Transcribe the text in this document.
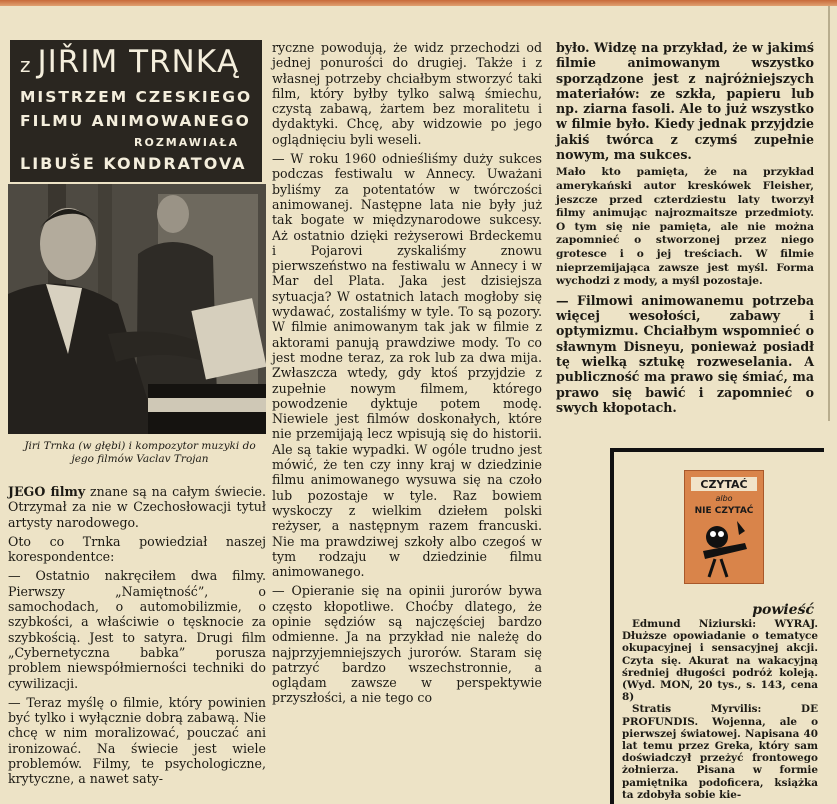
z JIŘIM TRNKĄ
MISTRZEM CZESKIEGO
FILMU ANIMOWANEGO
ROZMAWIAŁA
LIBUŠE KONDRATOVA
Jiri Trnka (w głębi) i kompozytor muzyki do jego filmów Vaclav Trojan

JEGO filmy znane są na całym świecie. Otrzymał za nie w Czechosłowacji tytuł artysty narodowego.

Oto co Trnka powiedział naszej korespondentce:

— Ostatnio nakręciłem dwa filmy. Pierwszy „Namiętność”, o samochodach, o automobilizmie, o szybkości, a właściwie o tęsknocie za szybkością. Jest to satyra. Drugi film „Cybernetyczna babka” porusza problem niewspółmierności techniki do cywilizacji.

— Teraz myślę o filmie, który powinien być tylko i wyłącznie dobrą zabawą. Nie chcę w nim moralizować, pouczać ani ironizować. Na świecie jest wiele problemów. Filmy, te psychologiczne, krytyczne, a nawet saty-

ryczne powodują, że widz przechodzi od jednej ponurości do drugiej. Także i z własnej potrzeby chciałbym stworzyć taki film, który byłby tylko salwą śmiechu, czystą zabawą, żartem bez moralitetu i dydaktyki. Chcę, aby widzowie po jego oglądnięciu byli weseli.

— W roku 1960 odnieśliśmy duży sukces podczas festiwalu w Annecy. Uważani byliśmy za potentatów w twórczości animowanej. Następne lata nie były już tak bogate w międzynarodowe sukcesy. Aż ostatnio dzięki reżyserowi Brdeckemu i Pojarovi zyskaliśmy znowu pierwszeństwo na festiwalu w Annecy i w Mar del Plata. Jaka jest dzisiejsza sytuacja? W ostatnich latach mogłoby się wydawać, zostaliśmy w tyle. To są pozory. W filmie animowanym tak jak w filmie z aktorami panują prawdziwe mody. To co jest modne teraz, za rok lub za dwa mija. Zwłaszcza wtedy, gdy ktoś przyjdzie z zupełnie nowym filmem, którego powodzenie dyktuje potem modę. Niewiele jest filmów doskonałych, które nie przemijają lecz wpisują się do historii. Ale są takie wypadki. W ogóle trudno jest mówić, że ten czy inny kraj w dziedzinie filmu animowanego wysuwa się na czoło lub pozostaje w tyle. Raz bowiem wyskoczy z wielkim dziełem polski reżyser, a następnym razem francuski. Nie ma prawdziwej szkoły albo czegoś w tym rodzaju w dziedzinie filmu animowanego.

— Opieranie się na opinii jurorów bywa często kłopotliwe. Choćby dlatego, że opinie sędziów są najczęściej bardzo odmienne. Ja na przykład nie należę do najprzyjemniejszych jurorów. Staram się patrzyć bardzo wszechstronnie, a oglądam zawsze w perspektywie przyszłości, a nie tego co

było. Widzę na przykład, że w jakimś filmie animowanym wszystko sporządzone jest z najróżniejszych materiałów: ze szkła, papieru lub np. ziarna fasoli. Ale to już wszystko w filmie było. Kiedy jednak przyjdzie jakiś twórca z czymś zupełnie nowym, ma sukces.

Mało kto pamięta, że na przykład amerykański autor kreskówek Fleisher, jeszcze przed czterdziestu laty tworzył filmy animując najrozmaitsze przedmioty. O tym się nie pamięta, ale nie można zapomnieć o stworzonej przez niego grotesce i o jej treściach. W filmie nieprzemijająca zawsze jest myśl. Forma wychodzi z mody, a myśl pozostaje.

— Filmowi animowanemu potrzeba więcej wesołości, zabawy i optymizmu. Chciałbym wspomnieć o sławnym Disneyu, ponieważ posiadł tę wielką sztukę rozweselania. A publiczność ma prawo się śmiać, ma prawo się bawić i zapomnieć o swych kłopotach.

CZYTAĆ
albo
NIE CZYTAĆ
powieść

Edmund Niziurski: WYRAJ. Dłuższe opowiadanie o tematyce okupacyjnej i sensacyjnej akcji. Czyta się. Akurat na wakacyjną średniej długości podróż koleją. (Wyd. MON, 20 tys., s. 143, cena 8)

Stratis Myrvilis: DE PROFUNDIS. Wojenna, ale o pierwszej światowej. Napisana 40 lat temu przez Greka, który sam doświadczył przeżyć frontowego żołnierza. Pisana w formie pamiętnika podoficera, książka ta zdobyła sobie kie-
